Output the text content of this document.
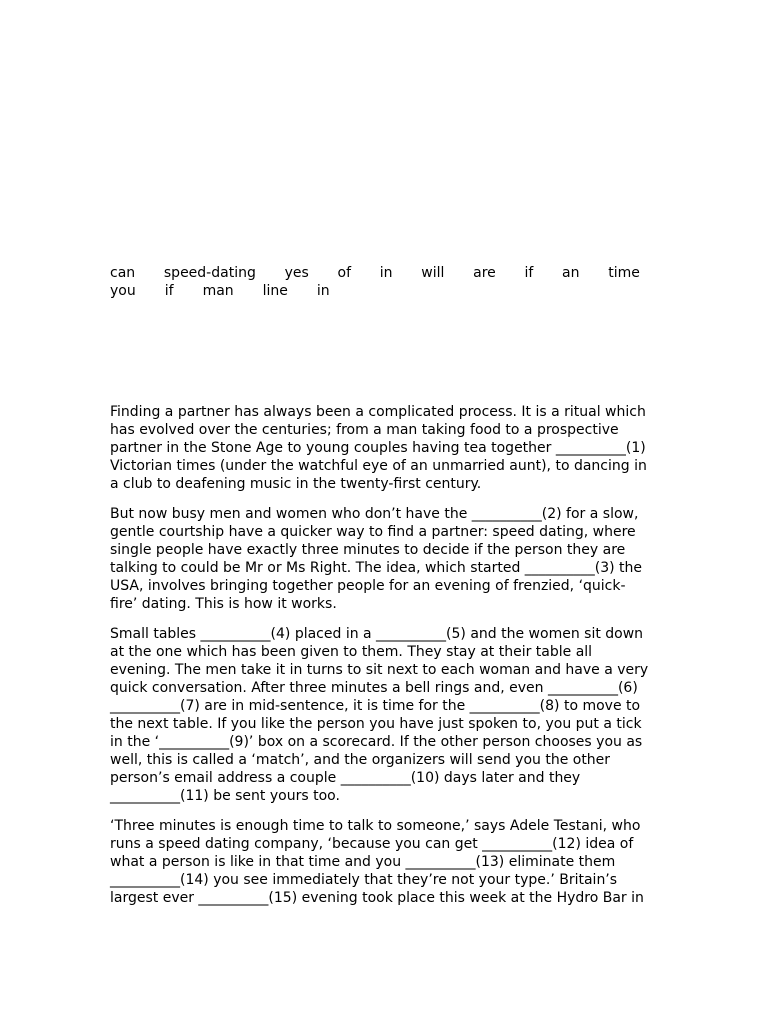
can speed-dating yes of in will are if an time
you if man line in
Finding a partner has always been a complicated process. It is a ritual which
has evolved over the centuries; from a man taking food to a prospective
partner in the Stone Age to young couples having tea together __________(1)
Victorian times (under the watchful eye of an unmarried aunt), to dancing in
a club to deafening music in the twenty-first century.
But now busy men and women who don’t have the __________(2) for a slow,
gentle courtship have a quicker way to find a partner: speed dating, where
single people have exactly three minutes to decide if the person they are
talking to could be Mr or Ms Right. The idea, which started __________(3) the
USA, involves bringing together people for an evening of frenzied, ‘quick-
fire’ dating. This is how it works.
Small tables __________(4) placed in a __________(5) and the women sit down
at the one which has been given to them. They stay at their table all
evening. The men take it in turns to sit next to each woman and have a very
quick conversation. After three minutes a bell rings and, even __________(6)
__________(7) are in mid-sentence, it is time for the __________(8) to move to
the next table. If you like the person you have just spoken to, you put a tick
in the ‘__________(9)’ box on a scorecard. If the other person chooses you as
well, this is called a ‘match’, and the organizers will send you the other
person’s email address a couple __________(10) days later and they
__________(11) be sent yours too.
‘Three minutes is enough time to talk to someone,’ says Adele Testani, who
runs a speed dating company, ‘because you can get __________(12) idea of
what a person is like in that time and you __________(13) eliminate them
__________(14) you see immediately that they’re not your type.’ Britain’s
largest ever __________(15) evening took place this week at the Hydro Bar in
